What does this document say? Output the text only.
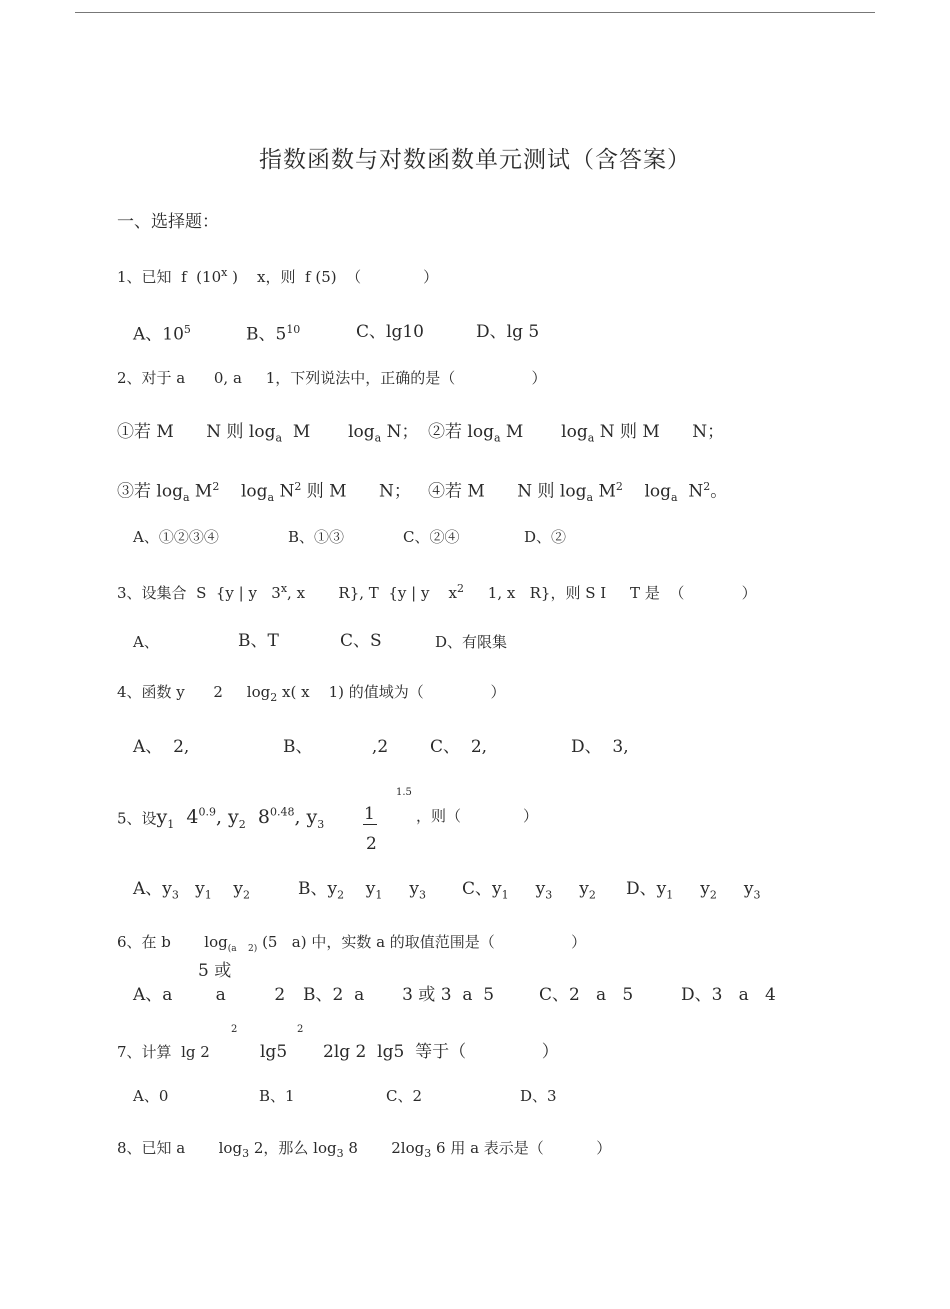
指数函数与对数函数单元测试（含答案）
一、选择题：
1、已知  f  (10$^x$ )    x，则  f (5)  （             ）
A、$10^5$	B、$5^{10}$	C、lg10	D、lg 5
2、对于 a      0, a     1，下列说法中，正确的是（                ）
①若 M      N 则 $\log_a M$       $\log_a N$； ②若 $\log_a M$       $\log_a N$ 则 M      N；
③若 $\log_a M^2$    $\log_a N^2$ 则 M      N； ④若 M      N 则 $\log_a M^2$    $\log_a N^2$。
A、①②③④	B、①③	C、②④	D、②
3、设集合  S  {y | y   3$^x$, x       R}, T  {y | y    $x^2$     1, x   R}，则 S I     T 是  （            ）
A、	B、T	C、S	D、有限集
4、函数 y      2     $\log_2 x$( x    1) 的值域为（              ）
A、  2,	B、           ,2 C、  2,	D、  3,
5、设$y_1$  $4^{0.9}$, $y_2$  $8^{0.48}$, $y_3$
1.5
1
2
，则（             ）
A、$y_3$   $y_1$    $y_2$	B、$y_2$    $y_1$     $y_3$ C、$y_1$     $y_3$     $y_2$ D、$y_1$     $y_2$     $y_3$
6、在 b       $\log_{(a 2)} (5$   a) 中，实数 a 的取值范围是（                ）
5 或
A、a        a         2 B、2  a       3 或 3  a  5	C、2   a   5	D、3   a   4
2	2
7、计算  lg 2	lg5 2lg 2  lg5  等于（              ）
A、0	B、1	C、2	D、3
8、已知 a       $\log_3 2$，那么 $\log_3 8$       $2\log_3$ 6 用 a 表示是（           ）
